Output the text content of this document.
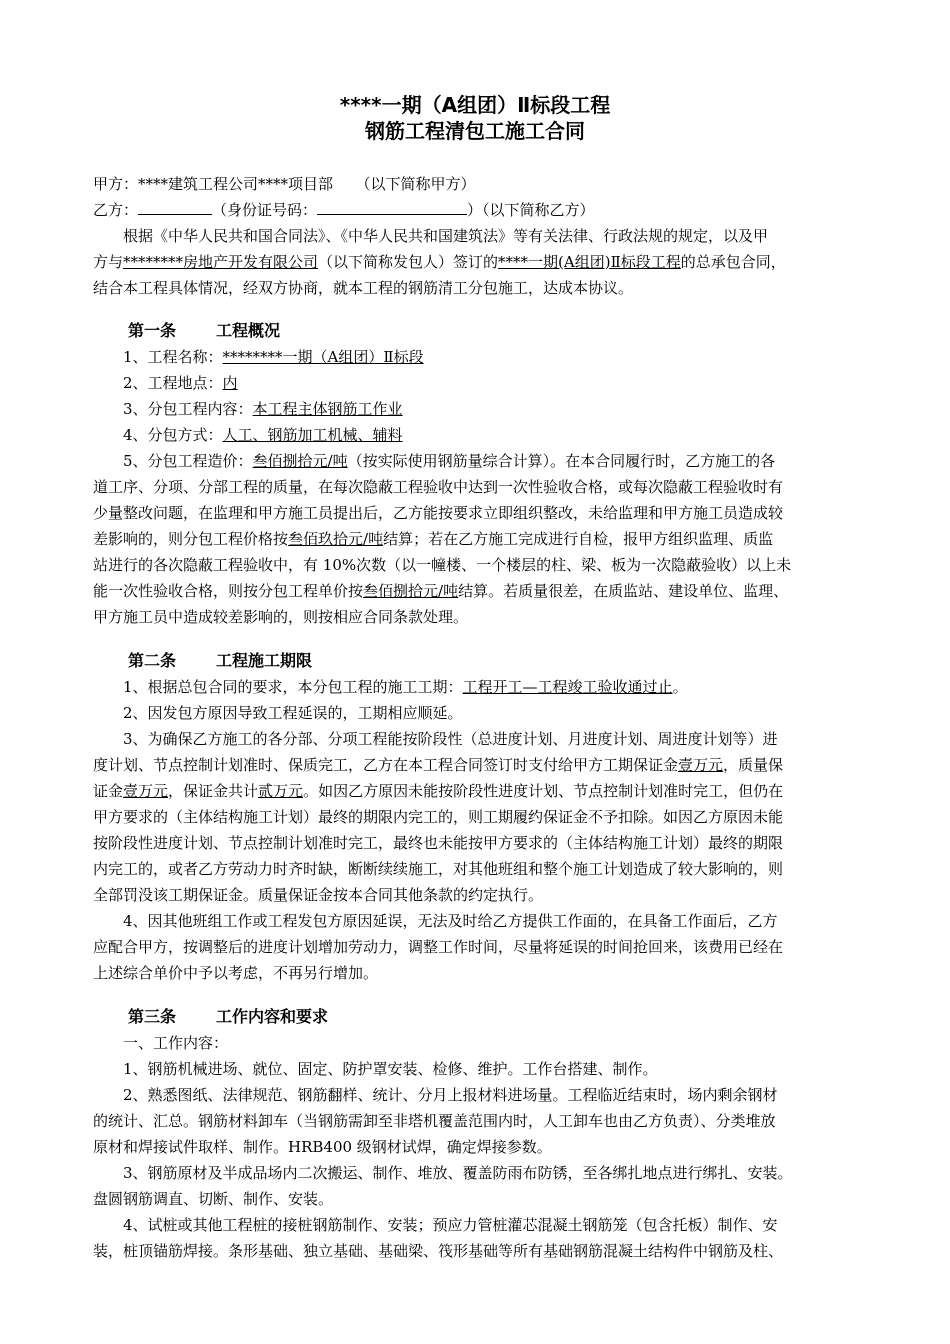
****一期（A组团）Ⅱ标段工程
钢筋工程清包工施工合同
甲方：****建筑工程公司****项目部　　（以下简称甲方）
乙方：	（身份证号码：	）（以下简称乙方）
根据《中华人民共和国合同法》、《中华人民共和国建筑法》等有关法律、行政法规的规定，以及甲
方与********房地产开发有限公司（以下简称发包人）签订的****一期(A组团)Ⅱ标段工程的总承包合同，
结合本工程具体情况，经双方协商，就本工程的钢筋清工分包施工，达成本协议。
第一条	工程概况
1、工程名称：********一期（A组团）Ⅱ标段
2、工程地点：内
3、分包工程内容：本工程主体钢筋工作业
4、分包方式：人工、钢筋加工机械、辅料
5、分包工程造价：叁佰捌拾元/吨（按实际使用钢筋量综合计算）。在本合同履行时，乙方施工的各
道工序、分项、分部工程的质量，在每次隐蔽工程验收中达到一次性验收合格，或每次隐蔽工程验收时有
少量整改问题，在监理和甲方施工员提出后，乙方能按要求立即组织整改，未给监理和甲方施工员造成较
差影响的，则分包工程价格按叁佰玖拾元/吨结算；若在乙方施工完成进行自检，报甲方组织监理、质监
站进行的各次隐蔽工程验收中，有 10%次数（以一幢楼、一个楼层的柱、梁、板为一次隐蔽验收）以上未
能一次性验收合格，则按分包工程单价按叁佰捌拾元/吨结算。若质量很差，在质监站、建设单位、监理、
甲方施工员中造成较差影响的，则按相应合同条款处理。
第二条	工程施工期限
1、根据总包合同的要求，本分包工程的施工工期：工程开工—工程竣工验收通过止。
2、因发包方原因导致工程延误的，工期相应顺延。
3、为确保乙方施工的各分部、分项工程能按阶段性（总进度计划、月进度计划、周进度计划等）进
度计划、节点控制计划准时、保质完工，乙方在本工程合同签订时支付给甲方工期保证金壹万元，质量保
证金壹万元，保证金共计贰万元。如因乙方原因未能按阶段性进度计划、节点控制计划准时完工，但仍在
甲方要求的（主体结构施工计划）最终的期限内完工的，则工期履约保证金不予扣除。如因乙方原因未能
按阶段性进度计划、节点控制计划准时完工，最终也未能按甲方要求的（主体结构施工计划）最终的期限
内完工的，或者乙方劳动力时齐时缺，断断续续施工，对其他班组和整个施工计划造成了较大影响的，则
全部罚没该工期保证金。质量保证金按本合同其他条款的约定执行。
4、因其他班组工作或工程发包方原因延误，无法及时给乙方提供工作面的，在具备工作面后，乙方
应配合甲方，按调整后的进度计划增加劳动力，调整工作时间，尽量将延误的时间抢回来，该费用已经在
上述综合单价中予以考虑，不再另行增加。
第三条	工作内容和要求
一、工作内容：
1、钢筋机械进场、就位、固定、防护罩安装、检修、维护。工作台搭建、制作。
2、熟悉图纸、法律规范、钢筋翻样、统计、分月上报材料进场量。工程临近结束时，场内剩余钢材
的统计、汇总。钢筋材料卸车（当钢筋需卸至非塔机覆盖范围内时，人工卸车也由乙方负责）、分类堆放
原材和焊接试件取样、制作。HRB400 级钢材试焊，确定焊接参数。
3、钢筋原材及半成品场内二次搬运、制作、堆放、覆盖防雨布防锈，至各绑扎地点进行绑扎、安装。
盘圆钢筋调直、切断、制作、安装。
4、试桩或其他工程桩的接桩钢筋制作、安装；预应力管桩灌芯混凝土钢筋笼（包含托板）制作、安
装，桩顶锚筋焊接。条形基础、独立基础、基础梁、筏形基础等所有基础钢筋混凝土结构件中钢筋及柱、
